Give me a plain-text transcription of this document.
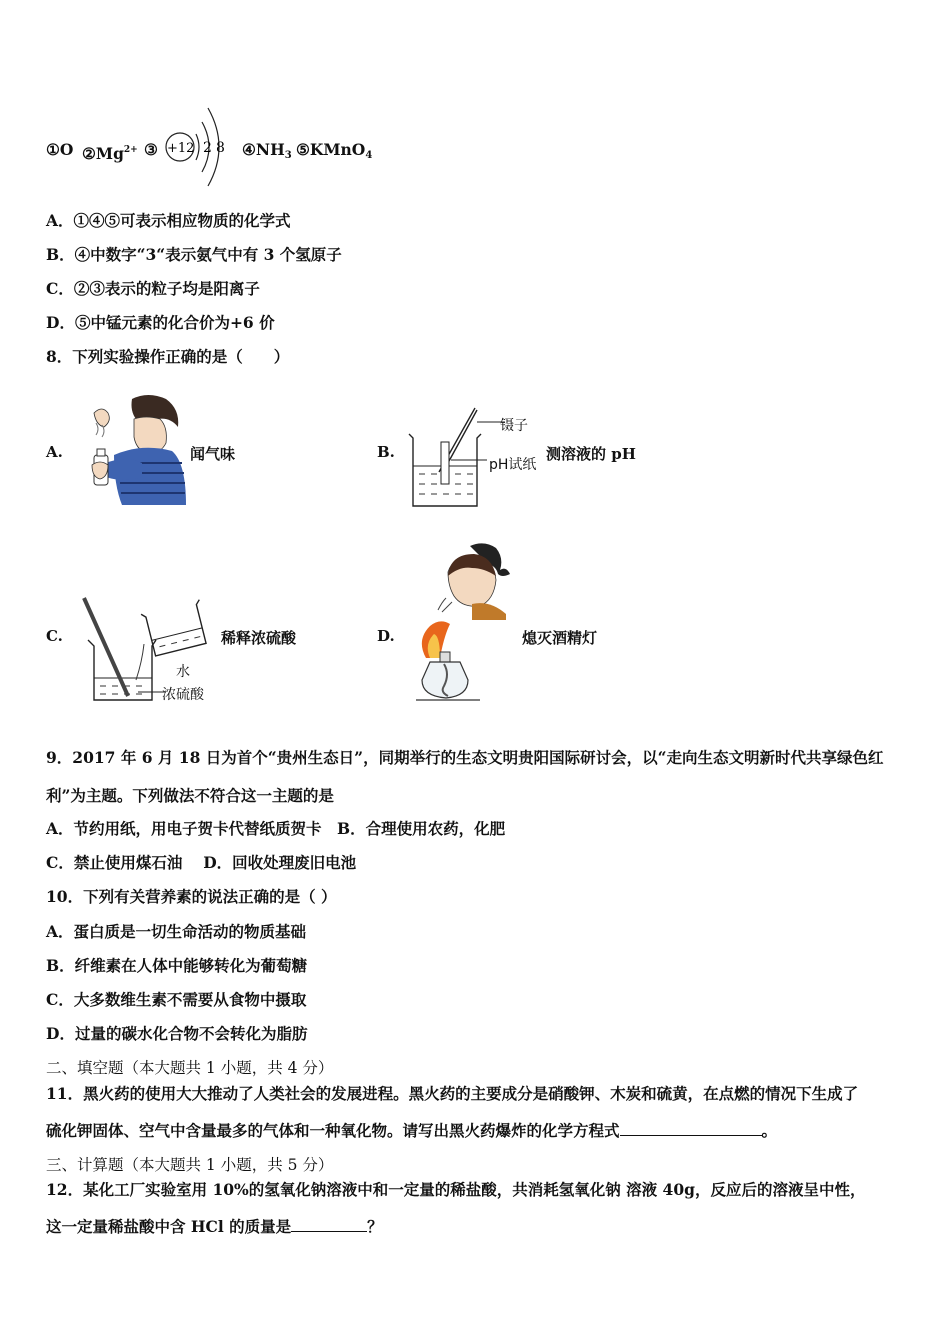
①O $②Mg^{2+}$ ③ +12 2 8 $④NH_3$ ⑤KMnO$_4$
A．①④⑤可表示相应物质的化学式
B．④中数字“3“表示氨气中有 3 个氢原子
C．②③表示的粒子均是阳离子
D．⑤中锰元素的化合价为+6 价
8．下列实验操作正确的是（　　）
A.	闻气味	B.
镊子
pH试纸
测溶液的 pH
C.
水
浓硫酸
稀释浓硫酸	D.	熄灭酒精灯
9．2017 年 6 月 18 日为首个“贵州生态日”，同期举行的生态文明贵阳国际研讨会，以“走向生态文明新时代共享绿色红
利”为主题。下列做法不符合这一主题的是
A．节约用纸，用电子贺卡代替纸质贺卡　B．合理使用农药，化肥
C．禁止使用煤石油　 D．回收处理废旧电池
10．下列有关营养素的说法正确的是（ ）
A．蛋白质是一切生命活动的物质基础
B．纤维素在人体中能够转化为葡萄糖
C．大多数维生素不需要从食物中摄取
D．过量的碳水化合物不会转化为脂肪
二、填空题（本大题共 1 小题，共 4 分）
11．黑火药的使用大大推动了人类社会的发展进程。黑火药的主要成分是硝酸钾、木炭和硫黄，在点燃的情况下生成了
硫化钾固体、空气中含量最多的气体和一种氧化物。请写出黑火药爆炸的化学方程式	。
三、计算题（本大题共 1 小题，共 5 分）
12．某化工厂实验室用 10%的氢氧化钠溶液中和一定量的稀盐酸，共消耗氢氧化钠 溶液 40g，反应后的溶液呈中性，
这一定量稀盐酸中含 HCl 的质量是	？
